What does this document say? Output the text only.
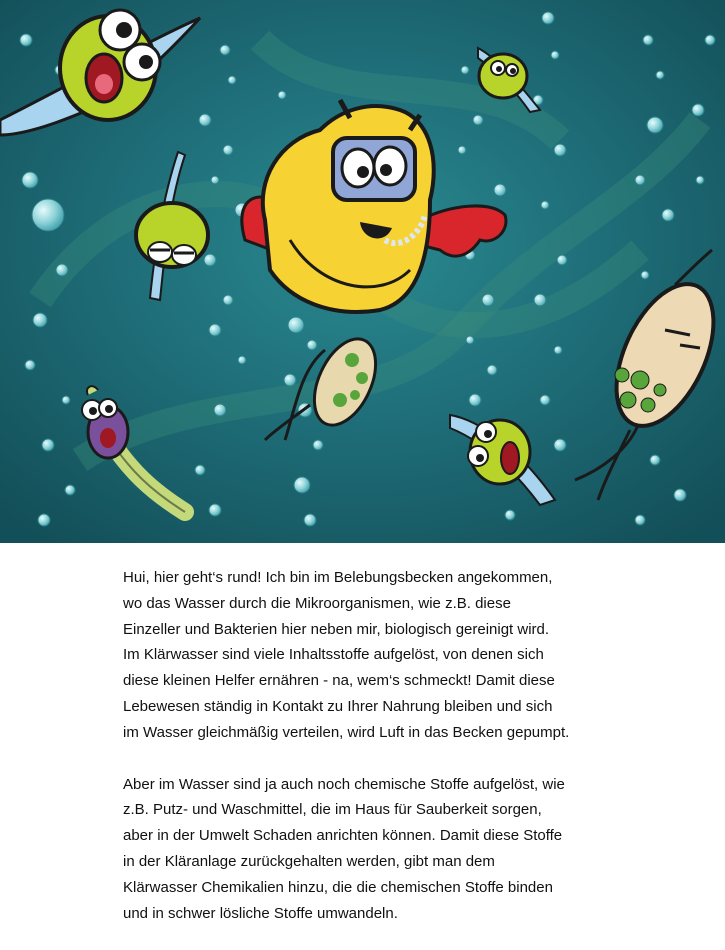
Hui, hier geht‘s rund! Ich bin im Belebungsbecken angekommen,
wo das Wasser durch die Mikroorganismen, wie z.B. diese
Einzeller und Bakterien hier neben mir, biologisch gereinigt wird.
Im Klärwasser sind viele Inhaltsstoffe aufgelöst, von denen sich
diese kleinen Helfer ernähren - na, wem‘s schmeckt! Damit diese
Lebewesen ständig in Kontakt zu Ihrer Nahrung bleiben und sich
im Wasser gleichmäßig verteilen, wird Luft in das Becken gepumpt.

Aber im Wasser sind ja auch noch chemische Stoffe aufgelöst, wie
z.B. Putz- und Waschmittel, die im Haus für Sauberkeit sorgen,
aber in der Umwelt Schaden anrichten können. Damit diese Stoffe
in der Kläranlage zurückgehalten werden, gibt man dem
Klärwasser Chemikalien hinzu, die die chemischen Stoffe binden
und in schwer lösliche Stoffe umwandeln.
